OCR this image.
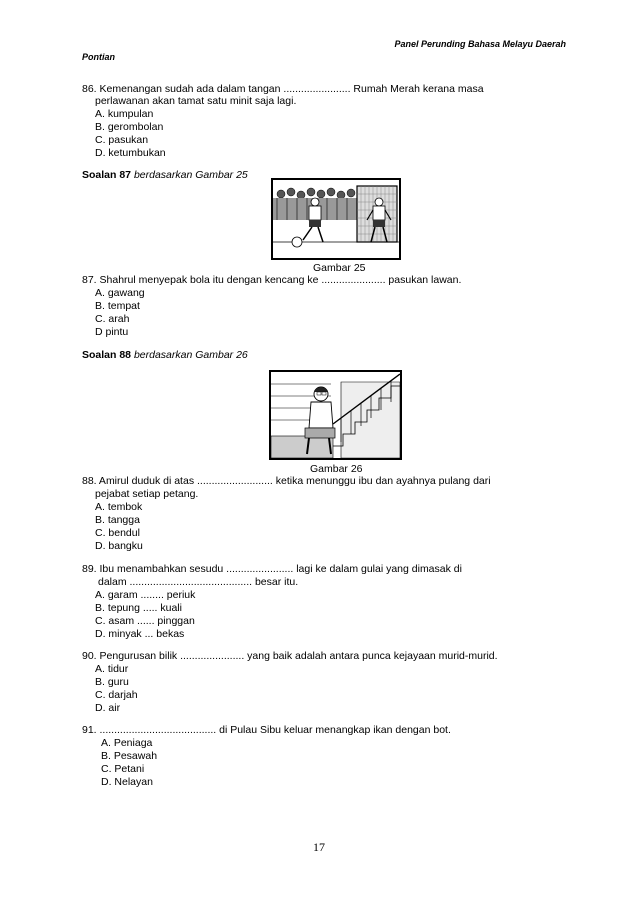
Panel Perunding Bahasa Melayu Daerah
Pontian
86. Kemenangan sudah ada dalam tangan ....................... Rumah Merah kerana masa
perlawanan akan tamat satu minit saja lagi.
A. kumpulan
B. gerombolan
C. pasukan
D. ketumbukan
Soalan 87 berdasarkan Gambar 25
Gambar 25
87. Shahrul menyepak bola itu dengan kencang ke ...................... pasukan lawan.
A. gawang
B. tempat
C. arah
D pintu
Soalan 88 berdasarkan Gambar 26
Gambar 26
88. Amirul duduk di atas .......................... ketika menunggu ibu dan ayahnya pulang dari
pejabat setiap petang.
A. tembok
B. tangga
C. bendul
D. bangku
89. Ibu menambahkan sesudu ....................... lagi ke dalam gulai yang dimasak di
dalam .......................................... besar itu.
A. garam ........ periuk
B. tepung ..... kuali
C. asam ...... pinggan
D. minyak ... bekas
90. Pengurusan bilik ...................... yang baik adalah antara punca kejayaan murid-murid.
A. tidur
B. guru
C. darjah
D. air
91. ........................................ di Pulau Sibu keluar menangkap ikan dengan bot.
A. Peniaga
B. Pesawah
C. Petani
D. Nelayan
17
